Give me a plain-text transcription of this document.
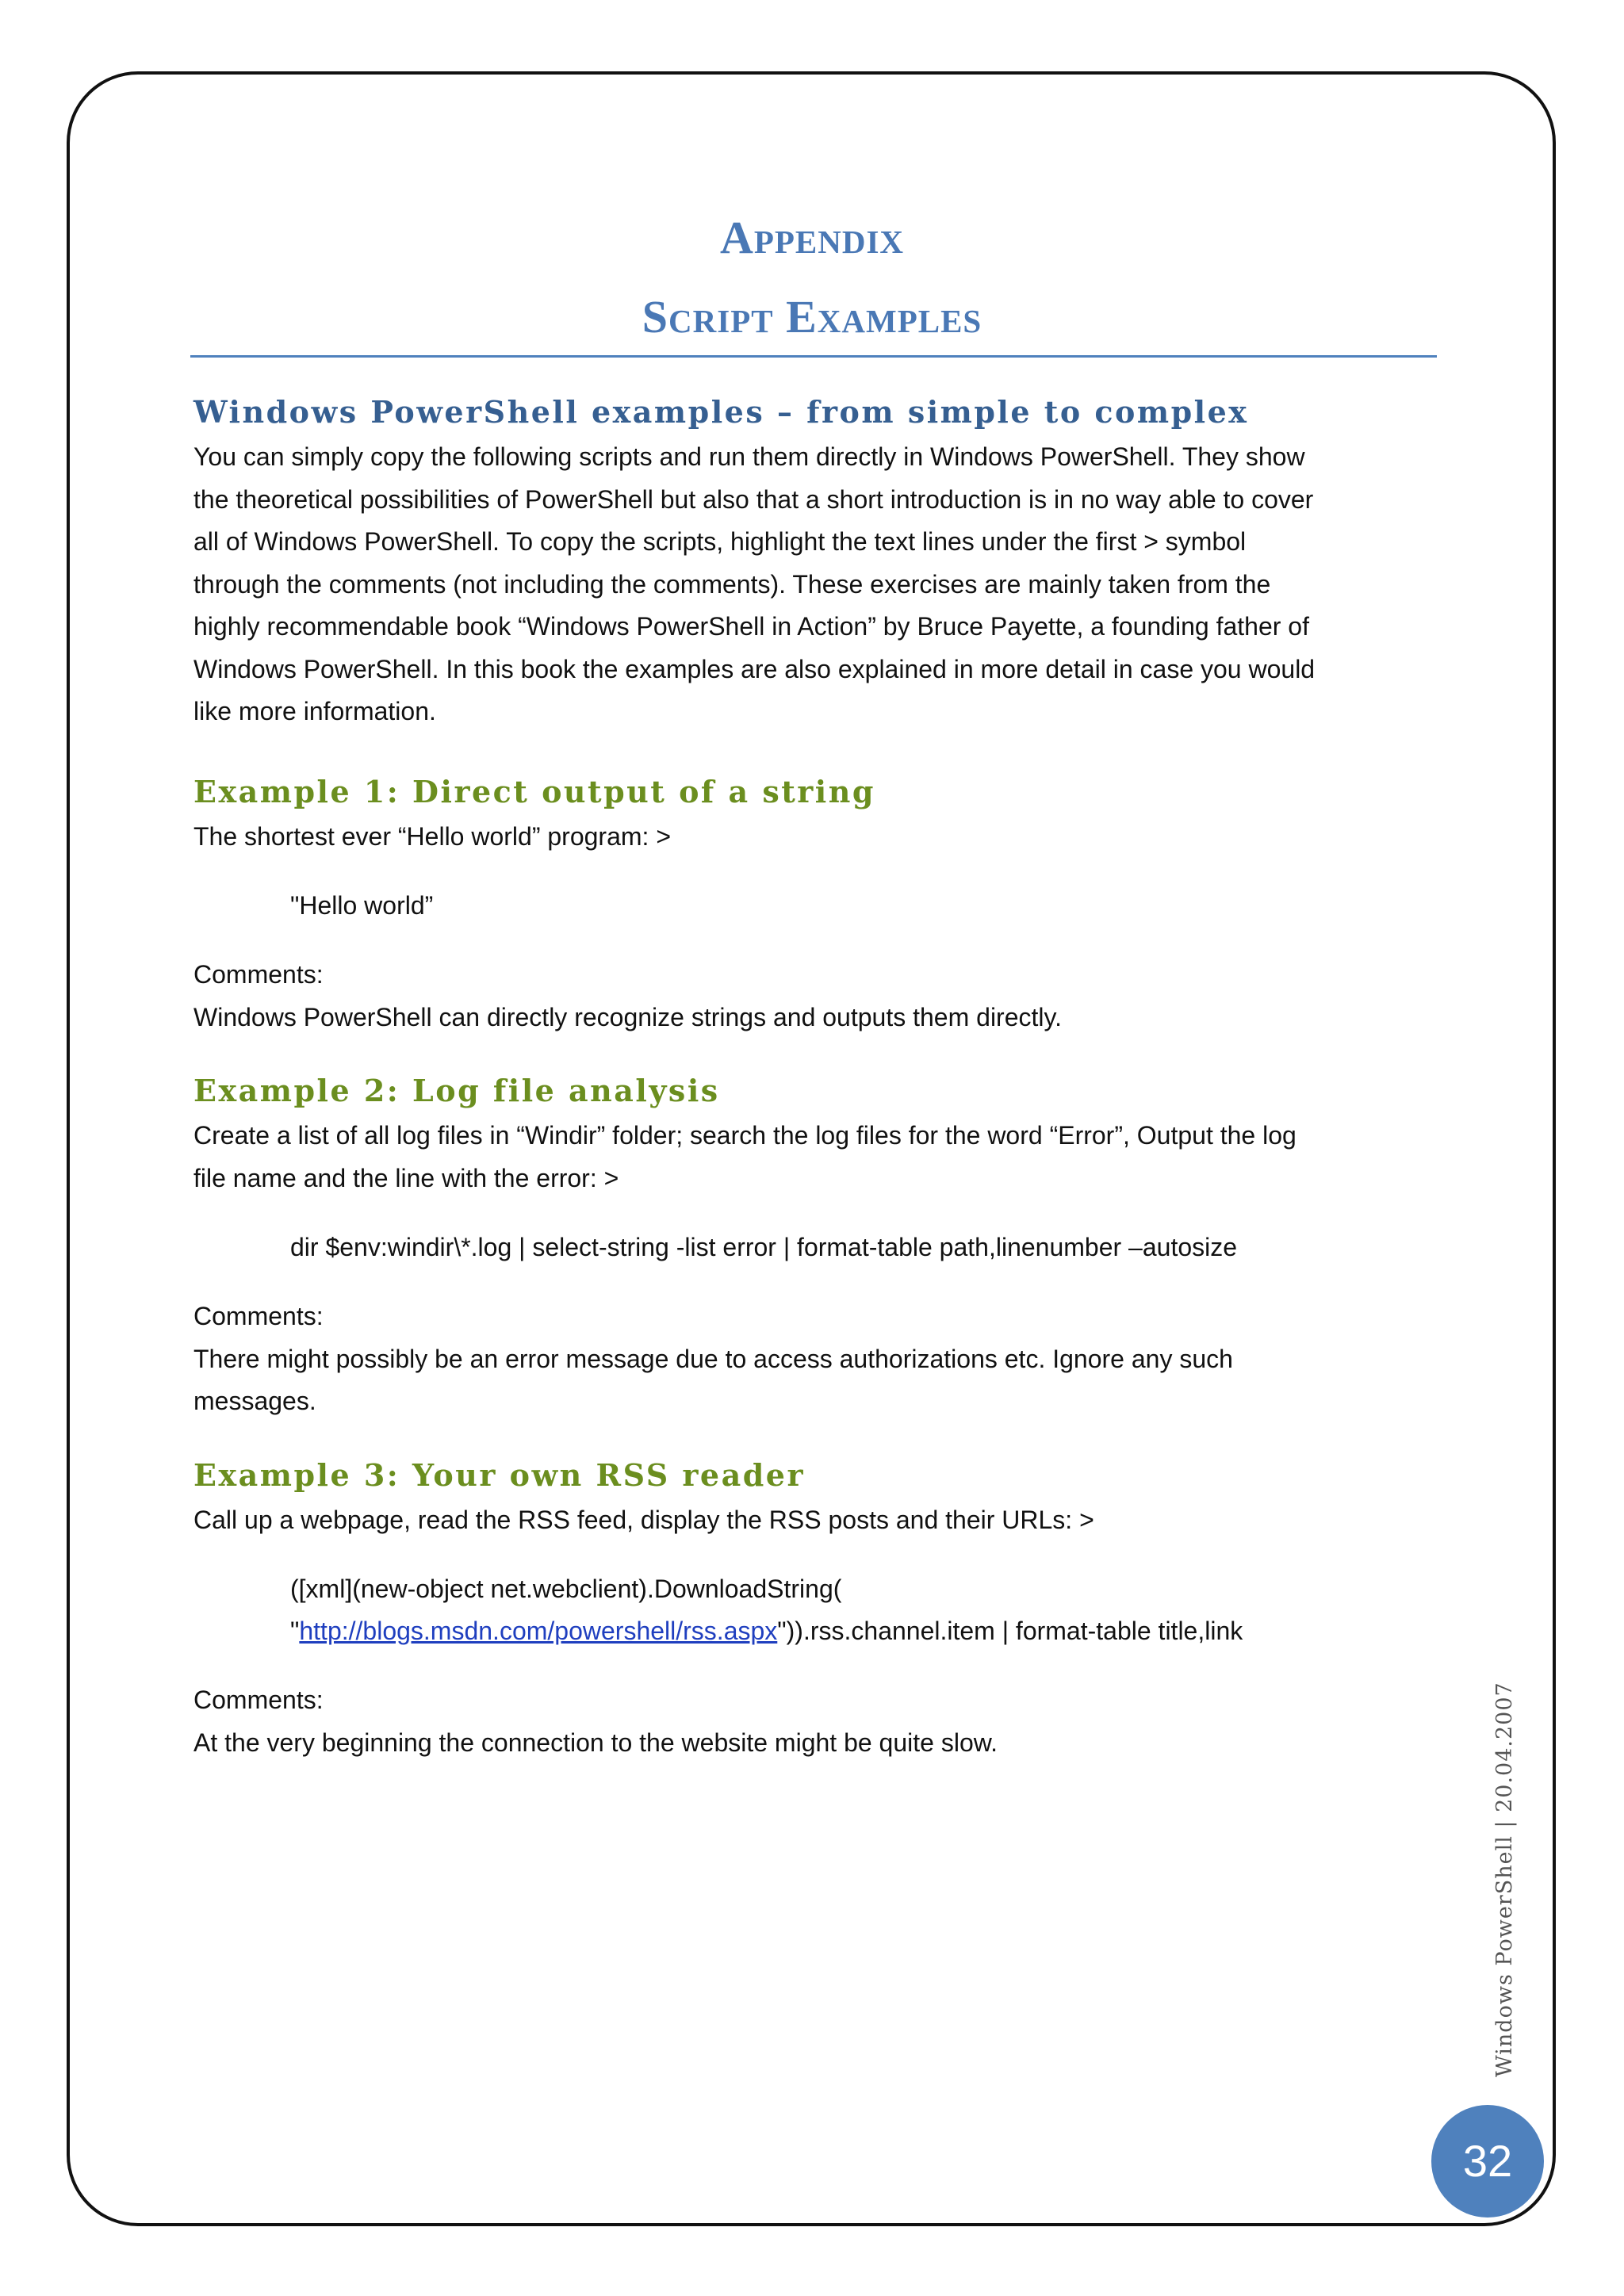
Appendix
Script Examples
Windows PowerShell examples – from simple to complex

You can simply copy the following scripts and run them directly in Windows PowerShell. They show

the theoretical possibilities of PowerShell but also that a short introduction is in no way able to cover

all of Windows PowerShell. To copy the scripts, highlight the text lines under the first > symbol

through the comments (not including the comments). These exercises are mainly taken from the

highly recommendable book “Windows PowerShell in Action” by Bruce Payette, a founding father of

Windows PowerShell. In this book the examples are also explained in more detail in case you would

like more information.

Example 1: Direct output of a string

The shortest ever “Hello world” program: >

"Hello world”

Comments:

Windows PowerShell can directly recognize strings and outputs them directly.

Example 2: Log file analysis

Create a list of all log files in “Windir” folder; search the log files for the word “Error”, Output the log

file name and the line with the error: >

dir $env:windir\*.log | select-string -list error | format-table path,linenumber –autosize

Comments:

There might possibly be an error message due to access authorizations etc. Ignore any such

messages.

Example 3: Your own RSS reader

Call up a webpage, read the RSS feed, display the RSS posts and their URLs: >

([xml](new-object net.webclient).DownloadString(

"http://blogs.msdn.com/powershell/rss.aspx")).rss.channel.item | format-table title,link

Comments:

At the very beginning the connection to the website might be quite slow.	Windows PowerShell | 20.04.2007
32
